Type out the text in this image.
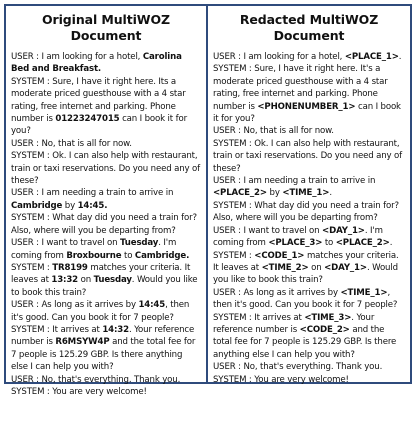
Original MultiWOZ Document
USER : I am looking for a hotel, Carolina Bed and Breakfast.
SYSTEM : Sure, I have it right here. Its a moderate priced guesthouse with a 4 star rating, free internet and parking. Phone number is 01223247015 can I book it for you?
USER : No, that is all for now.
SYSTEM : Ok. I can also help with restaurant, train or taxi reservations. Do you need any of these?
USER : I am needing a train to arrive in Cambridge by 14:45.
SYSTEM : What day did you need a train for? Also, where will you be departing from?
USER : I want to travel on Tuesday. I'm coming from Broxbourne to Cambridge.
SYSTEM : TR8199 matches your criteria. It leaves at 13:32 on Tuesday. Would you like to book this train?
USER : As long as it arrives by 14:45, then it's good. Can you book it for 7 people?
SYSTEM : It arrives at 14:32. Your reference number is R6MSYW4P and the total fee for 7 people is 125.29 GBP. Is there anything else I can help you with?
USER : No, that's everything. Thank you.
SYSTEM : You are very welcome!
Redacted MultiWOZ Document
USER : I am looking for a hotel, <PLACE_1>.
SYSTEM : Sure, I have it right here. It's a moderate priced guesthouse with a 4 star rating, free internet and parking. Phone number is <PHONENUMBER_1> can I book it for you?
USER : No, that is all for now.
SYSTEM : Ok. I can also help with restaurant, train or taxi reservations. Do you need any of these?
USER : I am needing a train to arrive in <PLACE_2> by <TIME_1>.
SYSTEM : What day did you need a train for? Also, where will you be departing from?
USER : I want to travel on <DAY_1>. I'm coming from <PLACE_3> to <PLACE_2>.
SYSTEM : <CODE_1> matches your criteria. It leaves at <TIME_2> on <DAY_1>. Would you like to book this train?
USER : As long as it arrives by <TIME_1>, then it's good. Can you book it for 7 people?
SYSTEM : It arrives at <TIME_3>. Your reference number is <CODE_2> and the total fee for 7 people is 125.29 GBP. Is there anything else I can help you with?
USER : No, that's everything. Thank you.
SYSTEM : You are very welcome!
